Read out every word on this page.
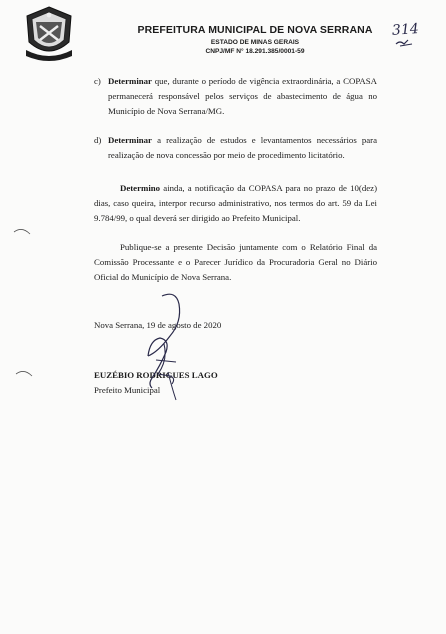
PREFEITURA MUNICIPAL DE NOVA SERRANA
ESTADO DE MINAS GERAIS
CNPJ/MF N° 18.291.385/0001-59
314
c) Determinar que, durante o período de vigência extraordinária, a COPASA permanecerá responsável pelos serviços de abastecimento de água no Município de Nova Serrana/MG.
d) Determinar a realização de estudos e levantamentos necessários para realização de nova concessão por meio de procedimento licitatório.
Determino ainda, a notificação da COPASA para no prazo de 10(dez) dias, caso queira, interpor recurso administrativo, nos termos do art. 59 da Lei 9.784/99, o qual deverá ser dirigido ao Prefeito Municipal.
Publique-se a presente Decisão juntamente com o Relatório Final da Comissão Processante e o Parecer Jurídico da Procuradoria Geral no Diário Oficial do Município de Nova Serrana.
Nova Serrana, 19 de agosto de 2020
EUZÉBIO RODRIGUES LAGO
Prefeito Municipal
